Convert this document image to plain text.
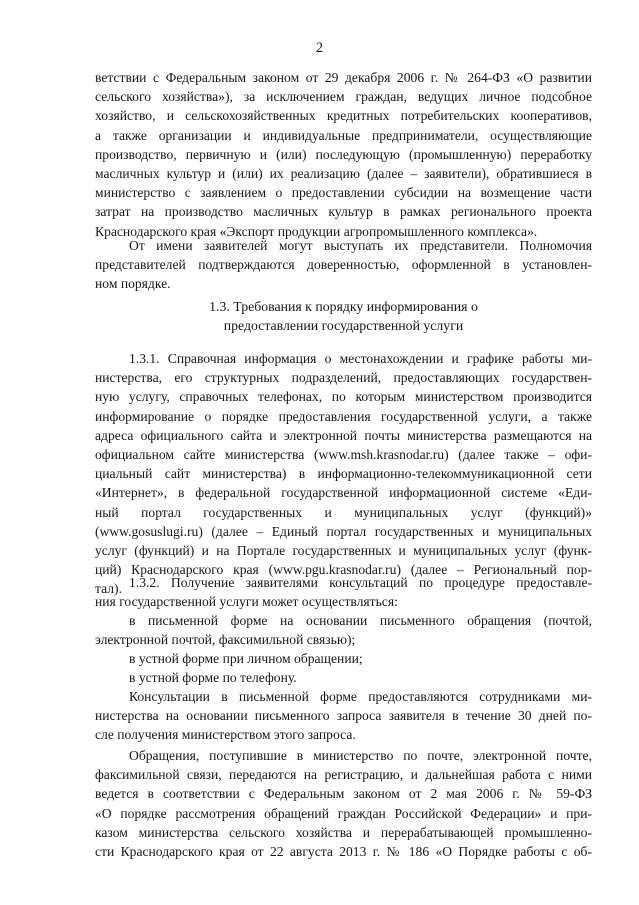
2
ветствии с Федеральным законом от 29 декабря 2006 г. № 264-ФЗ «О развитии
сельского хозяйства»), за исключением граждан, ведущих личное подсобное
хозяйство, и сельскохозяйственных кредитных потребительских кооперативов,
а также организации и индивидуальные предприниматели, осуществляющие
производство, первичную и (или) последующую (промышленную) переработку
масличных культур и (или) их реализацию (далее – заявители), обратившиеся в
министерство с заявлением о предоставлении субсидии на возмещение части
затрат на производство масличных культур в рамках регионального проекта
Краснодарского края «Экспорт продукции агропромышленного комплекса».
От имени заявителей могут выступать их представители. Полномочия
представителей подтверждаются доверенностью, оформленной в установлен-
ном порядке.
1.3. Требования к порядку информирования о
предоставлении государственной услуги
1.3.1. Справочная информация о местонахождении и графике работы ми-
нистерства, его структурных подразделений, предоставляющих государствен-
ную услугу, справочных телефонах, по которым министерством производится
информирование о порядке предоставления государственной услуги, а также
адреса официального сайта и электронной почты министерства размещаются на
официальном сайте министерства (www.msh.krasnodar.ru) (далее также – офи-
циальный сайт министерства) в информационно-телекоммуникационной сети
«Интернет», в федеральной государственной информационной системе «Еди-
ный портал государственных и муниципальных услуг (функций)»
(www.gosuslugi.ru) (далее – Единый портал государственных и муниципальных
услуг (функций) и на Портале государственных и муниципальных услуг (функ-
ций) Краснодарского края (www.pgu.krasnodar.ru) (далее – Региональный пор-
тал). 1.3.2. Получение заявителями консультаций по процедуре предоставле-
ния государственной услуги может осуществляться:
в письменной форме на основании письменного обращения (почтой,
электронной почтой, факсимильной связью);
в устной форме при личном обращении;
в устной форме по телефону.
Консультации в письменной форме предоставляются сотрудниками ми-
нистерства на основании письменного запроса заявителя в течение 30 дней по-
сле получения министерством этого запроса.
Обращения, поступившие в министерство по почте, электронной почте,
факсимильной связи, передаются на регистрацию, и дальнейшая работа с ними
ведется в соответствии с Федеральным законом от 2 мая 2006 г. № 59-ФЗ
«О порядке рассмотрения обращений граждан Российской Федерации» и при-
казом министерства сельского хозяйства и перерабатывающей промышленно-
сти Краснодарского края от 22 августа 2013 г. № 186 «О Порядке работы с об-
